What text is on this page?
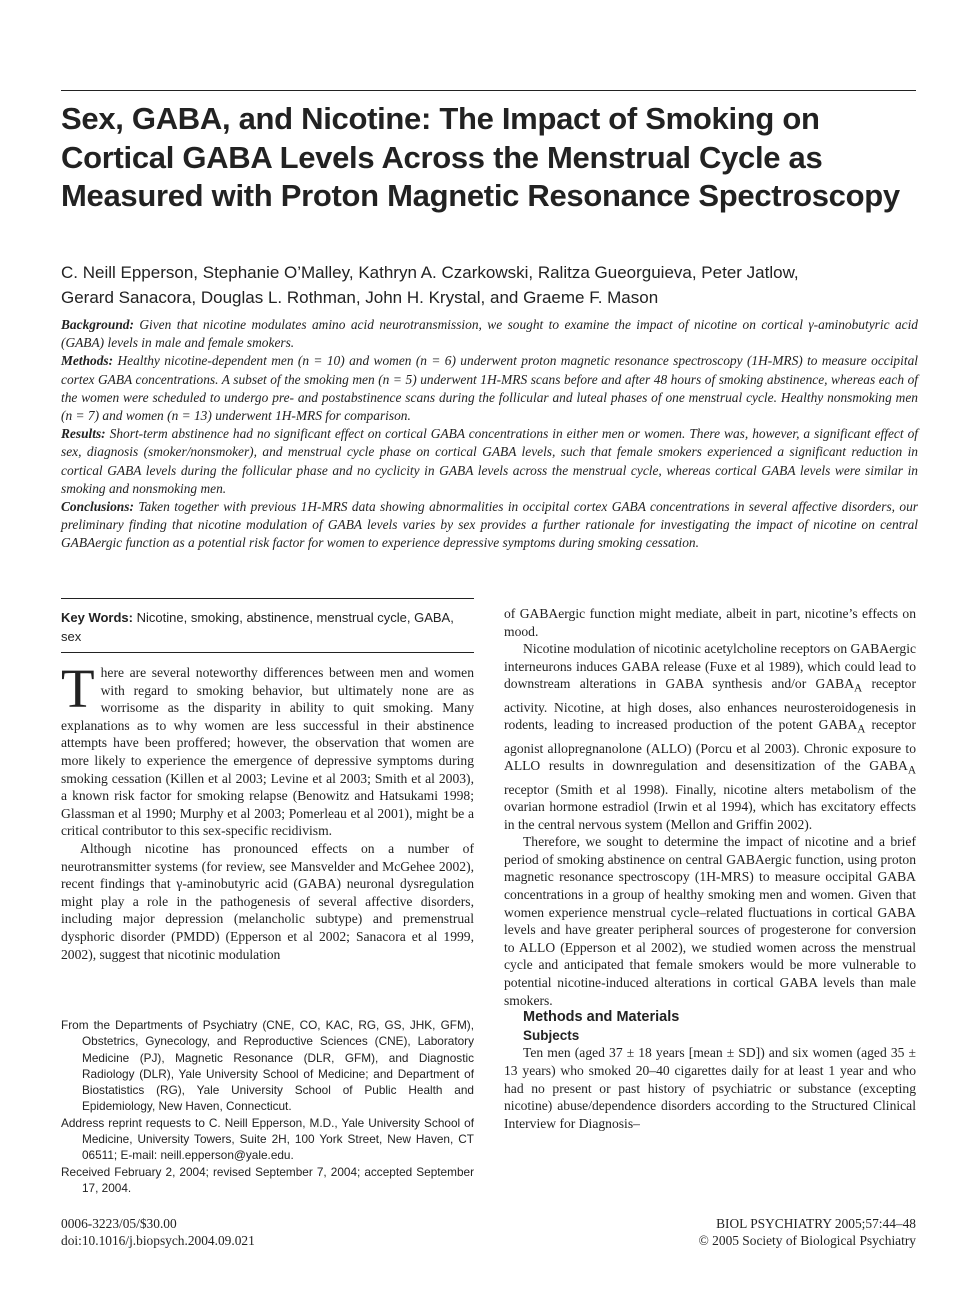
Sex, GABA, and Nicotine: The Impact of Smoking on Cortical GABA Levels Across the Menstrual Cycle as Measured with Proton Magnetic Resonance Spectroscopy
C. Neill Epperson, Stephanie O’Malley, Kathryn A. Czarkowski, Ralitza Gueorguieva, Peter Jatlow,
Gerard Sanacora, Douglas L. Rothman, John H. Krystal, and Graeme F. Mason

Background: Given that nicotine modulates amino acid neurotransmission, we sought to examine the impact of nicotine on cortical γ-aminobutyric acid (GABA) levels in male and female smokers.

Methods: Healthy nicotine-dependent men (n = 10) and women (n = 6) underwent proton magnetic resonance spectroscopy (1H-MRS) to measure occipital cortex GABA concentrations. A subset of the smoking men (n = 5) underwent 1H-MRS scans before and after 48 hours of smoking abstinence, whereas each of the women were scheduled to undergo pre- and postabstinence scans during the follicular and luteal phases of one menstrual cycle. Healthy nonsmoking men (n = 7) and women (n = 13) underwent 1H-MRS for comparison.

Results: Short-term abstinence had no significant effect on cortical GABA concentrations in either men or women. There was, however, a significant effect of sex, diagnosis (smoker/nonsmoker), and menstrual cycle phase on cortical GABA levels, such that female smokers experienced a significant reduction in cortical GABA levels during the follicular phase and no cyclicity in GABA levels across the menstrual cycle, whereas cortical GABA levels were similar in smoking and nonsmoking men.

Conclusions: Taken together with previous 1H-MRS data showing abnormalities in occipital cortex GABA concentrations in several affective disorders, our preliminary finding that nicotine modulation of GABA levels varies by sex provides a further rationale for investigating the impact of nicotine on central GABAergic function as a potential risk factor for women to experience depressive symptoms during smoking cessation.

Key Words: Nicotine, smoking, abstinence, menstrual cycle, GABA, sex

There are several noteworthy differences between men and women with regard to smoking behavior, but ultimately none are as worrisome as the disparity in ability to quit smoking. Many explanations as to why women are less successful in their abstinence attempts have been proffered; however, the observation that women are more likely to experience the emergence of depressive symptoms during smoking cessation (Killen et al 2003; Levine et al 2003; Smith et al 2003), a known risk factor for smoking relapse (Benowitz and Hatsukami 1998; Glassman et al 1990; Murphy et al 2003; Pomerleau et al 2001), might be a critical contributor to this sex-specific recidivism.

Although nicotine has pronounced effects on a number of neurotransmitter systems (for review, see Mansvelder and McGehee 2002), recent findings that γ-aminobutyric acid (GABA) neuronal dysregulation might play a role in the pathogenesis of several affective disorders, including major depression (melancholic subtype) and premenstrual dysphoric disorder (PMDD) (Epperson et al 2002; Sanacora et al 1999, 2002), suggest that nicotinic modulation

of GABAergic function might mediate, albeit in part, nicotine’s effects on mood.

Nicotine modulation of nicotinic acetylcholine receptors on GABAergic interneurons induces GABA release (Fuxe et al 1989), which could lead to downstream alterations in GABA synthesis and/or $GABA_A$ receptor activity. Nicotine, at high doses, also enhances neurosteroidogenesis in rodents, leading to increased production of the potent $GABA_A$ receptor agonist allopregnanolone (ALLO) (Porcu et al 2003). Chronic exposure to ALLO results in downregulation and desensitization of the $GABA_A$ receptor (Smith et al 1998). Finally, nicotine alters metabolism of the ovarian hormone estradiol (Irwin et al 1994), which has excitatory effects in the central nervous system (Mellon and Griffin 2002).

Therefore, we sought to determine the impact of nicotine and a brief period of smoking abstinence on central GABAergic function, using proton magnetic resonance spectroscopy (1H-MRS) to measure occipital GABA concentrations in a group of healthy smoking men and women. Given that women experience menstrual cycle–related fluctuations in cortical GABA levels and have greater peripheral sources of progesterone for conversion to ALLO (Epperson et al 2002), we studied women across the menstrual cycle and anticipated that female smokers would be more vulnerable to potential nicotine-induced alterations in cortical GABA levels than male smokers.

Methods and Materials

Subjects

Ten men (aged 37 ± 18 years [mean ± SD]) and six women (aged 35 ± 13 years) who smoked 20–40 cigarettes daily for at least 1 year and who had no present or past history of psychiatric or substance (excepting nicotine) abuse/dependence disorders according to the Structured Clinical Interview for Diagnosis–

From the Departments of Psychiatry (CNE, CO, KAC, RG, GS, JHK, GFM), Obstetrics, Gynecology, and Reproductive Sciences (CNE), Laboratory Medicine (PJ), Magnetic Resonance (DLR, GFM), and Diagnostic Radiology (DLR), Yale University School of Medicine; and Department of Biostatistics (RG), Yale University School of Public Health and Epidemiology, New Haven, Connecticut.

Address reprint requests to C. Neill Epperson, M.D., Yale University School of Medicine, University Towers, Suite 2H, 100 York Street, New Haven, CT 06511; E-mail: neill.epperson@yale.edu.

Received February 2, 2004; revised September 7, 2004; accepted September 17, 2004.

0006-3223/05/$30.00
doi:10.1016/j.biopsych.2004.09.021
BIOL PSYCHIATRY 2005;57:44–48
© 2005 Society of Biological Psychiatry
